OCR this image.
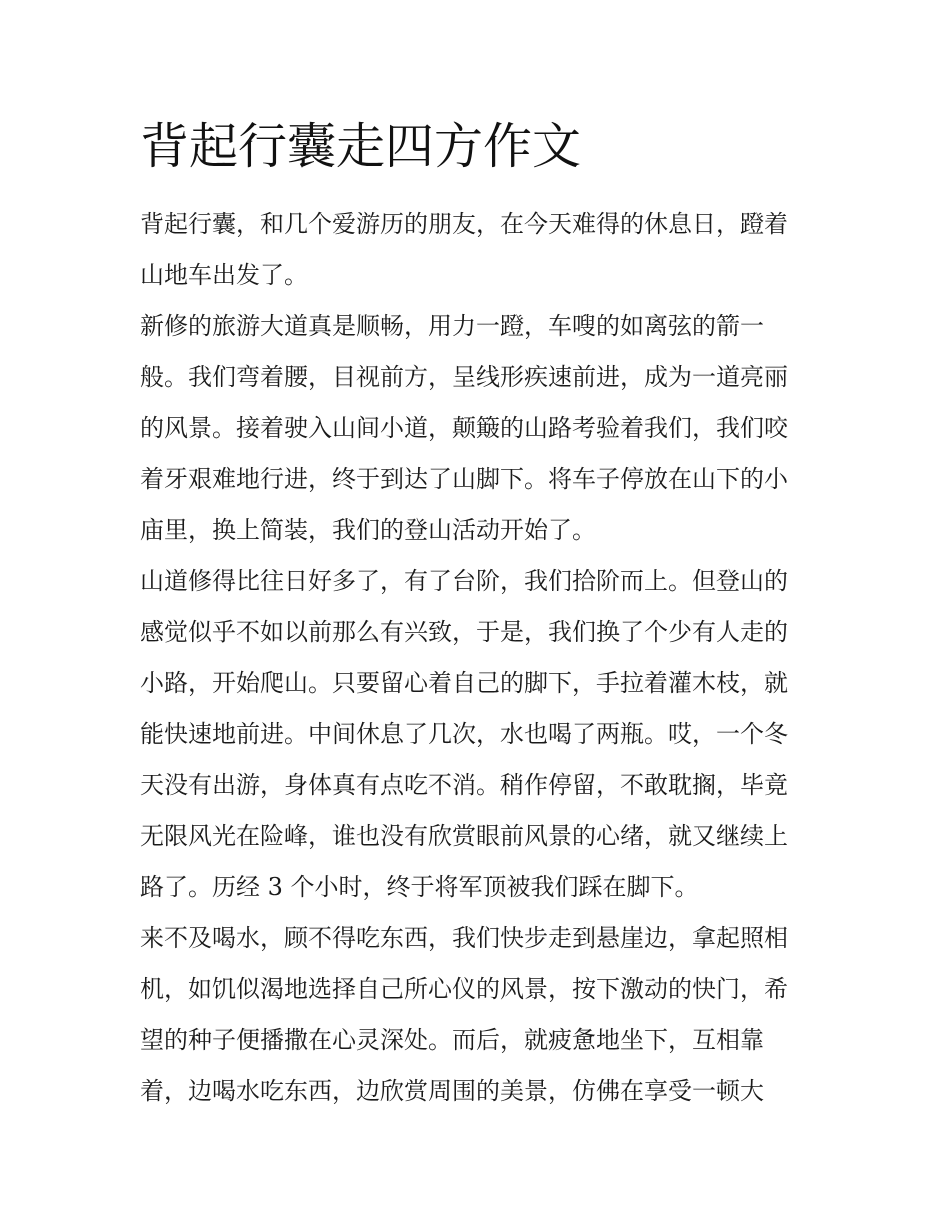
背起行囊走四方作文
背起行囊，和几个爱游历的朋友，在今天难得的休息日，蹬着
山地车出发了。
新修的旅游大道真是顺畅，用力一蹬，车嗖的如离弦的箭一
般。我们弯着腰，目视前方，呈线形疾速前进，成为一道亮丽
的风景。接着驶入山间小道，颠簸的山路考验着我们，我们咬
着牙艰难地行进，终于到达了山脚下。将车子停放在山下的小
庙里，换上简装，我们的登山活动开始了。
山道修得比往日好多了，有了台阶，我们拾阶而上。但登山的
感觉似乎不如以前那么有兴致，于是，我们换了个少有人走的
小路，开始爬山。只要留心着自己的脚下，手拉着灌木枝，就
能快速地前进。中间休息了几次，水也喝了两瓶。哎，一个冬
天没有出游，身体真有点吃不消。稍作停留，不敢耽搁，毕竟
无限风光在险峰，谁也没有欣赏眼前风景的心绪，就又继续上
路了。历经 3 个小时，终于将军顶被我们踩在脚下。
来不及喝水，顾不得吃东西，我们快步走到悬崖边，拿起照相
机，如饥似渴地选择自己所心仪的风景，按下激动的快门，希
望的种子便播撒在心灵深处。而后，就疲惫地坐下，互相靠
着，边喝水吃东西，边欣赏周围的美景，仿佛在享受一顿大
